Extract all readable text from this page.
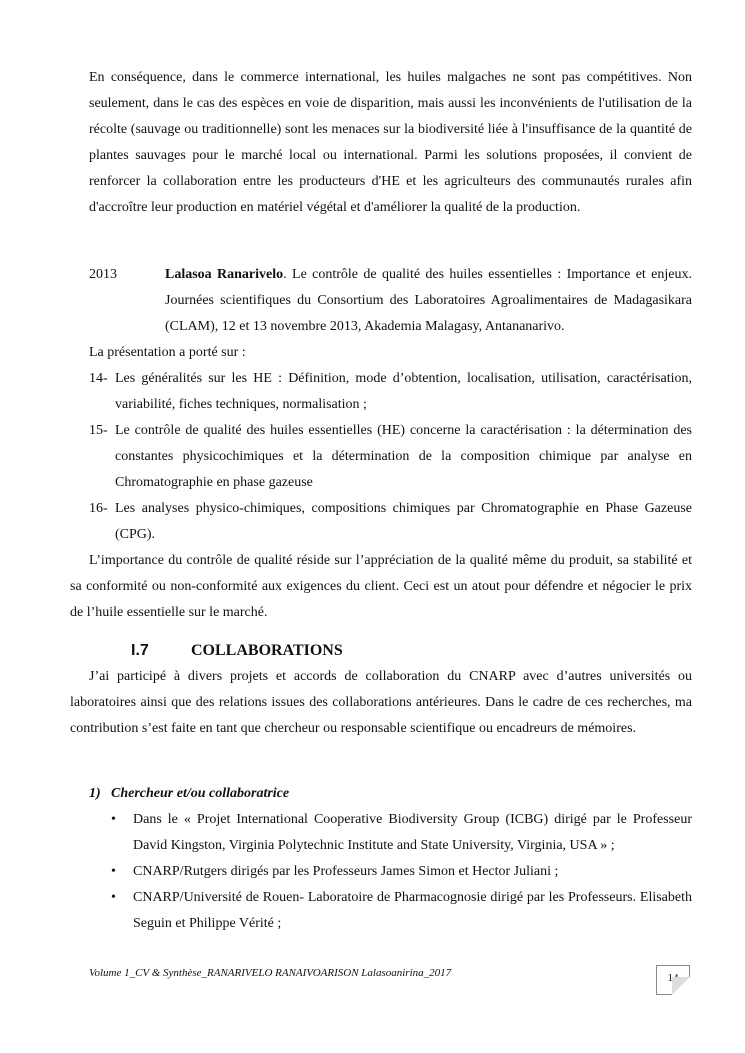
En conséquence, dans le commerce international, les huiles malgaches ne sont pas compétitives. Non seulement, dans le cas des espèces en voie de disparition, mais aussi les inconvénients de l'utilisation de la récolte (sauvage ou traditionnelle) sont les menaces sur la biodiversité liée à l'insuffisance de la quantité de plantes sauvages pour le marché local ou international. Parmi les solutions proposées, il convient de renforcer la collaboration entre les producteurs d'HE et les agriculteurs des communautés rurales afin d'accroître leur production en matériel végétal et d'améliorer la qualité de la production.
2013	Lalasoa Ranarivelo. Le contrôle de qualité des huiles essentielles : Importance et enjeux. Journées scientifiques du Consortium des Laboratoires Agroalimentaires de Madagasikara (CLAM), 12 et 13 novembre 2013, Akademia Malagasy, Antananarivo.
La présentation a porté sur :
14- Les généralités sur les HE : Définition, mode d’obtention, localisation, utilisation, caractérisation, variabilité, fiches techniques, normalisation ;
15- Le contrôle de qualité des huiles essentielles (HE) concerne la caractérisation : la détermination des constantes physicochimiques et la détermination de la composition chimique par analyse en Chromatographie en phase gazeuse
16- Les analyses physico-chimiques, compositions chimiques par Chromatographie en Phase Gazeuse (CPG).
L’importance du contrôle de qualité réside sur l’appréciation de la qualité même du produit, sa stabilité et sa conformité ou non-conformité aux exigences du client. Ceci est un atout pour défendre et négocier le prix de l’huile essentielle sur le marché.
I.7	COLLABORATIONS
J’ai participé à divers projets et accords de collaboration du CNARP avec d’autres universités ou laboratoires ainsi que des relations issues des collaborations antérieures. Dans le cadre de ces recherches, ma contribution s’est faite en tant que chercheur ou responsable scientifique ou encadreurs de mémoires.
1) Chercheur et/ou collaboratrice
• Dans le « Projet International Cooperative Biodiversity Group (ICBG) dirigé par le Professeur David Kingston, Virginia Polytechnic Institute and State University, Virginia, USA » ;
• CNARP/Rutgers dirigés par les Professeurs James Simon et Hector Juliani ;
• CNARP/Université de Rouen- Laboratoire de Pharmacognosie dirigé par les Professeurs. Elisabeth Seguin et Philippe Vérité ;
Volume 1_CV & Synthèse_RANARIVELO RANAIVOARISON Lalasoanirina_2017	14
